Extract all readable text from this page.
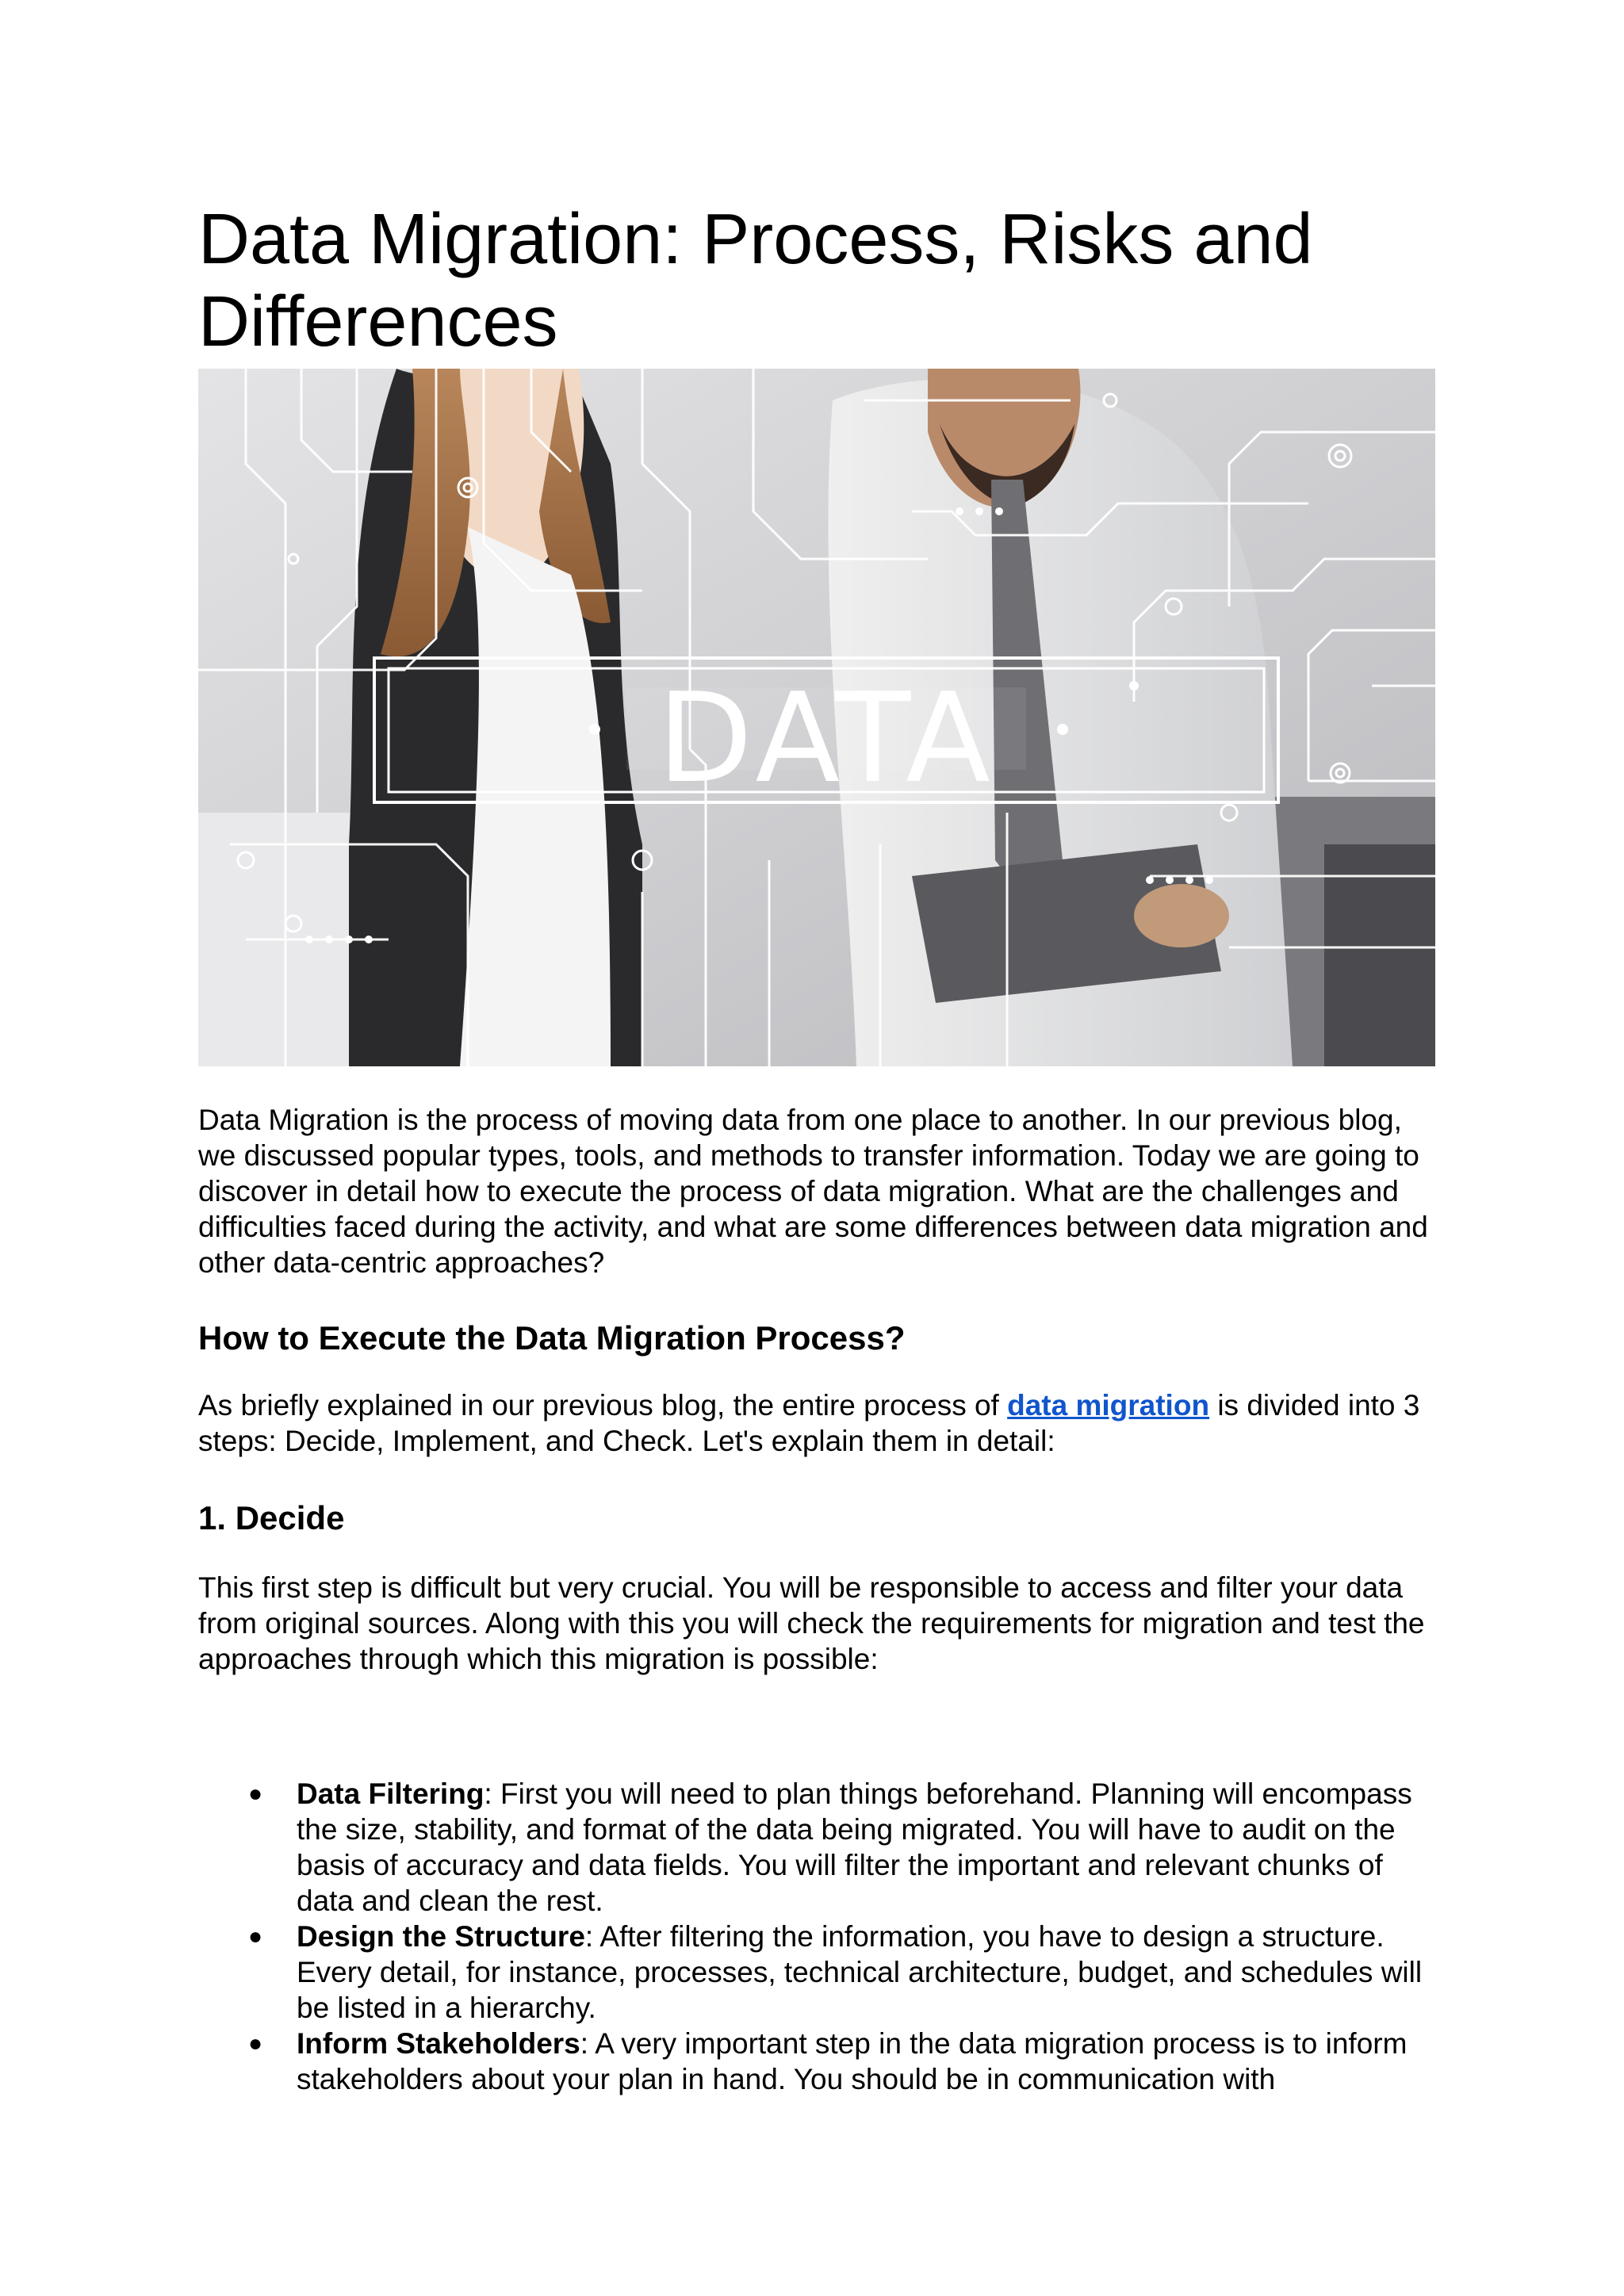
Data Migration: Process, Risks and Differences
DATA

Data Migration is the process of moving data from one place to another. In our previous blog, we discussed popular types, tools, and methods to transfer information. Today we are going to discover in detail how to execute the process of data migration. What are the challenges and difficulties faced during the activity, and what are some differences between data migration and other data-centric approaches?

How to Execute the Data Migration Process?

As briefly explained in our previous blog, the entire process of data migration is divided into 3 steps: Decide, Implement, and Check. Let's explain them in detail:

1. Decide

This first step is difficult but very crucial. You will be responsible to access and filter your data from original sources. Along with this you will check the requirements for migration and test the approaches through which this migration is possible:

● Data Filtering: First you will need to plan things beforehand. Planning will encompass the size, stability, and format of the data being migrated. You will have to audit on the basis of accuracy and data fields. You will filter the important and relevant chunks of data and clean the rest.
● Design the Structure: After filtering the information, you have to design a structure. Every detail, for instance, processes, technical architecture, budget, and schedules will be listed in a hierarchy.
● Inform Stakeholders: A very important step in the data migration process is to inform stakeholders about your plan in hand. You should be in communication with
